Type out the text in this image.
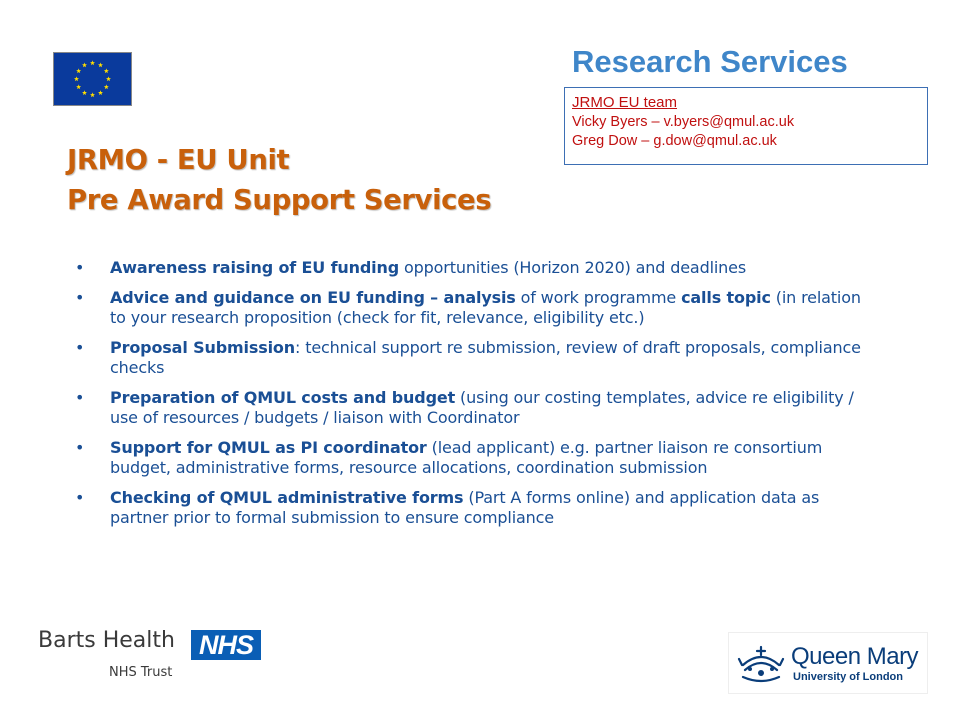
Research Services
JRMO EU team
Vicky Byers – v.byers@qmul.ac.uk
Greg Dow – g.dow@qmul.ac.uk
JRMO - EU Unit
Pre Award Support Services
• Awareness raising of EU funding opportunities (Horizon 2020) and deadlines
• Advice and guidance on EU funding – analysis of work programme calls topic (in relation to your research proposition (check for fit, relevance, eligibility etc.)
• Proposal Submission: technical support re submission, review of draft proposals, compliance checks
• Preparation of QMUL costs and budget (using our costing templates, advice re eligibility / use of resources / budgets / liaison with Coordinator
• Support for QMUL as PI coordinator (lead applicant) e.g. partner liaison re consortium budget, administrative forms, resource allocations, coordination submission
• Checking of QMUL administrative forms (Part A forms online) and application data as partner prior to formal submission to ensure compliance
Barts Health NHS
NHS Trust
Queen Mary
University of London
